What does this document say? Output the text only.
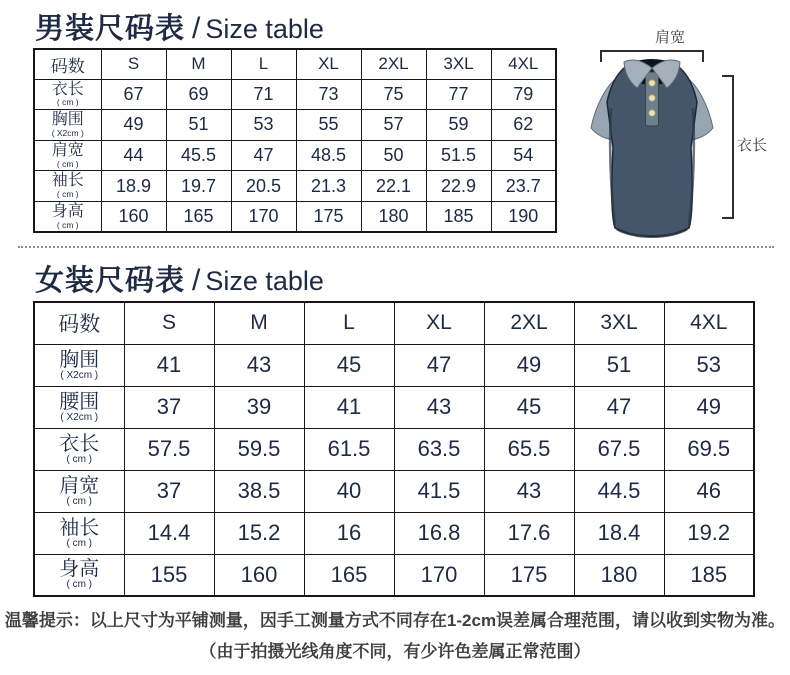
男装尺码表 / Size table
码数	S	M	L	XL	2XL	3XL	4XL

衣长
( cm )	67	69	71	73	75	77	79

胸围
( X2cm )	49	51	53	55	57	59	62

肩宽
( cm )	44	45.5	47	48.5	50	51.5	54

袖长
( cm )	18.9	19.7	20.5	21.3	22.1	22.9	23.7

身高
( cm )	160	165	170	175	180	185	190
肩宽
衣长
女装尺码表 / Size table
码数	S	M	L	XL	2XL	3XL	4XL

胸围
( X2cm )	41	43	45	47	49	51	53

腰围
( X2cm )	37	39	41	43	45	47	49

衣长
( cm )	57.5	59.5	61.5	63.5	65.5	67.5	69.5

肩宽
( cm )	37	38.5	40	41.5	43	44.5	46

袖长
( cm )	14.4	15.2	16	16.8	17.6	18.4	19.2

身高
( cm )	155	160	165	170	175	180	185
温馨提示：以上尺寸为平铺测量，因手工测量方式不同存在1-2cm误差属合理范围，请以收到实物为准。
（由于拍摄光线角度不同，有少许色差属正常范围）
